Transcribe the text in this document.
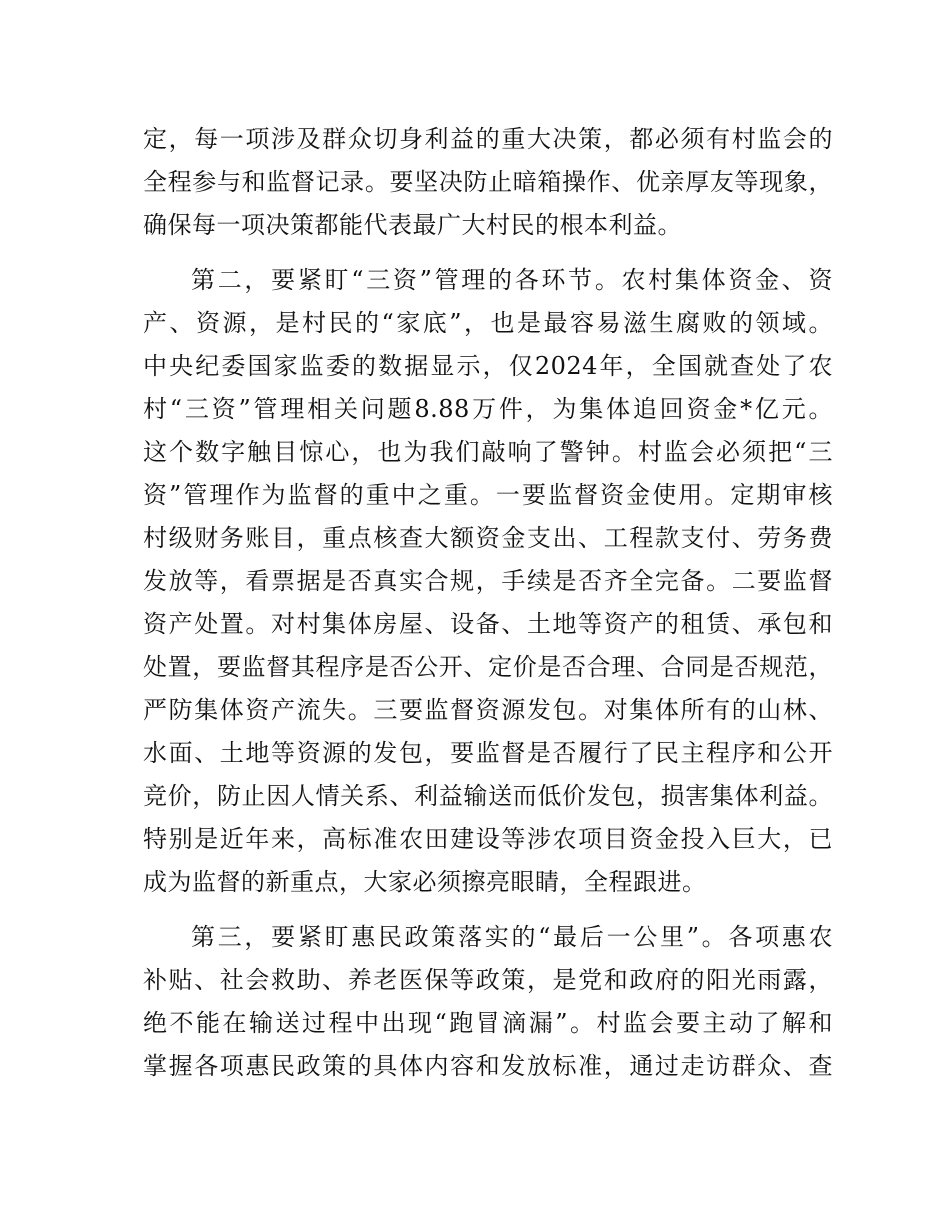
定，每一项涉及群众切身利益的重大决策，都必须有村监会的
全程参与和监督记录。要坚决防止暗箱操作、优亲厚友等现象，
确保每一项决策都能代表最广大村民的根本利益。

第二，要紧盯“三资”管理的各环节。农村集体资金、资
产、资源，是村民的“家底”，也是最容易滋生腐败的领域。
中央纪委国家监委的数据显示，仅2024年，全国就查处了农
村“三资”管理相关问题8.88万件，为集体追回资金*亿元。
这个数字触目惊心，也为我们敲响了警钟。村监会必须把“三
资”管理作为监督的重中之重。一要监督资金使用。定期审核
村级财务账目，重点核查大额资金支出、工程款支付、劳务费
发放等，看票据是否真实合规，手续是否齐全完备。二要监督
资产处置。对村集体房屋、设备、土地等资产的租赁、承包和
处置，要监督其程序是否公开、定价是否合理、合同是否规范，
严防集体资产流失。三要监督资源发包。对集体所有的山林、
水面、土地等资源的发包，要监督是否履行了民主程序和公开
竞价，防止因人情关系、利益输送而低价发包，损害集体利益。
特别是近年来，高标准农田建设等涉农项目资金投入巨大，已
成为监督的新重点，大家必须擦亮眼睛，全程跟进。

第三，要紧盯惠民政策落实的“最后一公里”。各项惠农
补贴、社会救助、养老医保等政策，是党和政府的阳光雨露，
绝不能在输送过程中出现“跑冒滴漏”。村监会要主动了解和
掌握各项惠民政策的具体内容和发放标准，通过走访群众、查
